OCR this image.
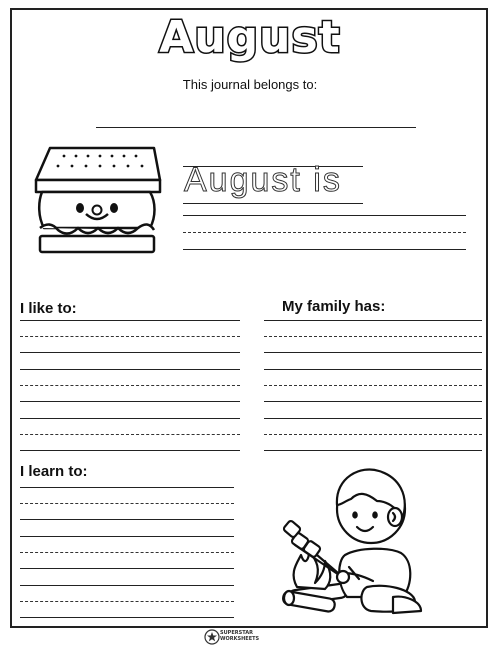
August
This journal belongs to:
August is
I like to:	My family has:
I learn to:
SUPERSTAR
WORKSHEETS
